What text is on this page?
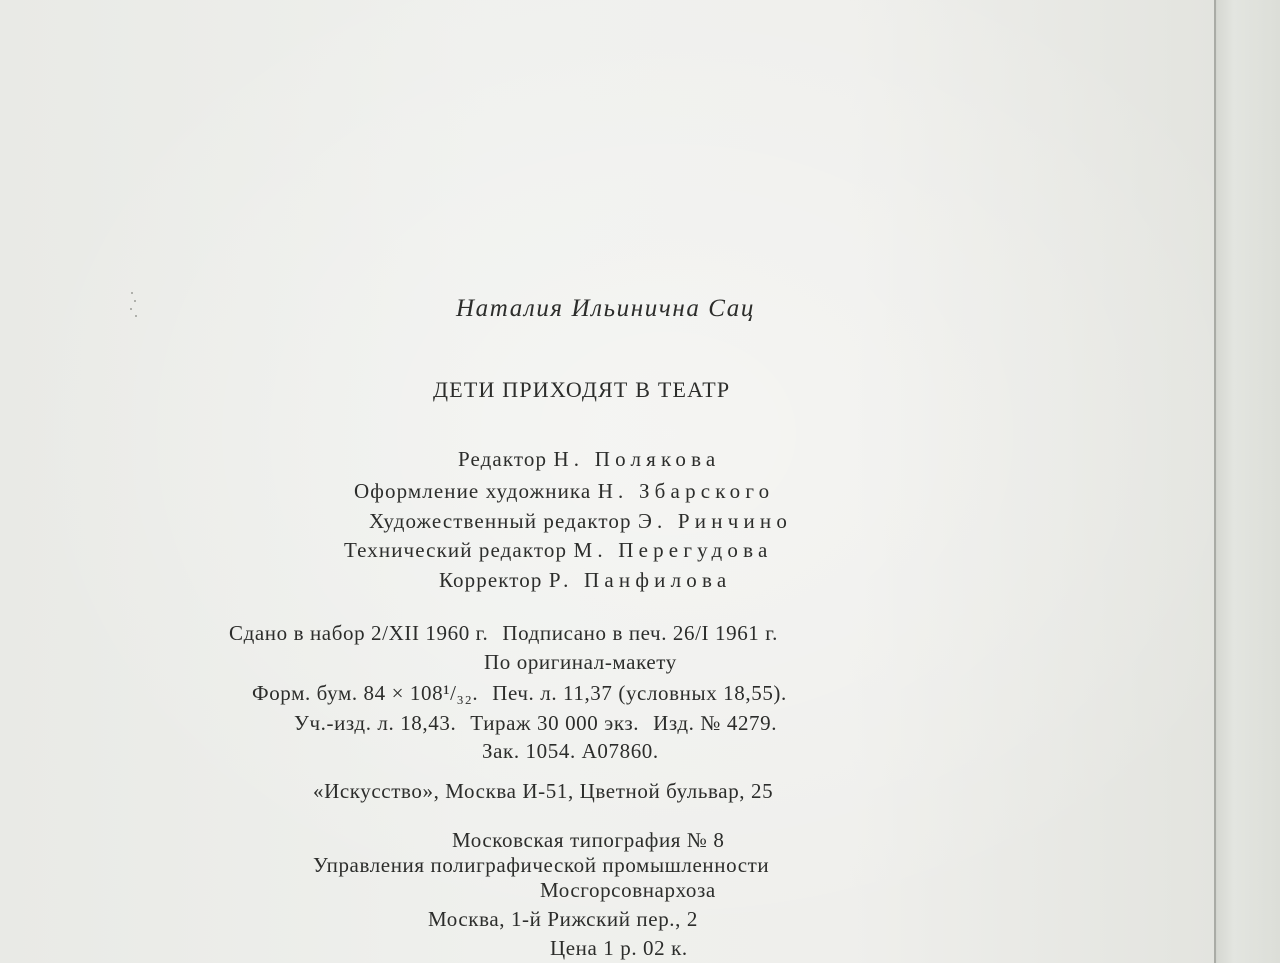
Наталия Ильинична Сац
ДЕТИ ПРИХОДЯТ В ТЕАТР
Редактор Н. Полякова
Оформление художника Н. Збарского
Художественный редактор Э. Ринчино
Технический редактор М. Перегудова
Корректор Р. Панфилова
Сдано в набор 2/XII 1960 г. Подписано в печ. 26/I 1961 г.
По оригинал-макету
Форм. бум. 84 × 108¹/₃₂. Печ. л. 11,37 (условных 18,55).
Уч.-изд. л. 18,43. Тираж 30 000 экз. Изд. № 4279.
Зак. 1054. А07860.
«Искусство», Москва И-51, Цветной бульвар, 25
Московская типография № 8
Управления полиграфической промышленности
Мосгорсовнархоза
Москва, 1-й Рижский пер., 2
Цена 1 р. 02 к.
